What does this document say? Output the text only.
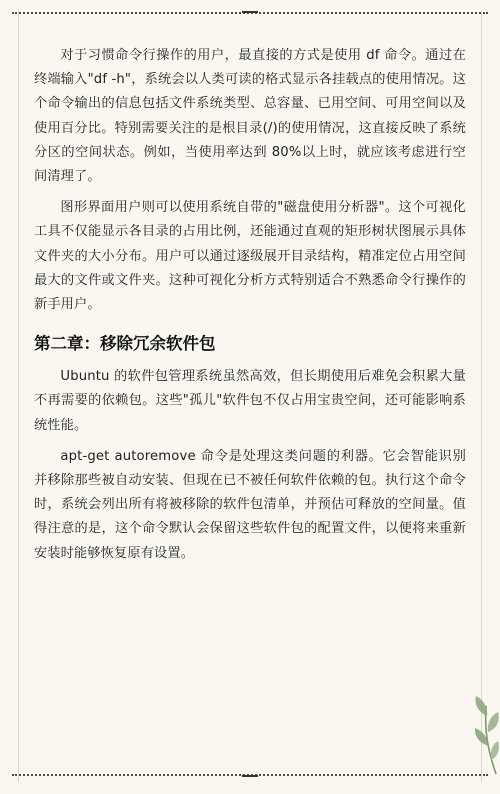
对于习惯命令行操作的用户，最直接的方式是使用 df 命令。通过在终端输入"df -h"，系统会以人类可读的格式显示各挂载点的使用情况。这个命令输出的信息包括文件系统类型、总容量、已用空间、可用空间以及使用百分比。特别需要关注的是根目录(/)的使用情况，这直接反映了系统分区的空间状态。例如，当使用率达到 80%以上时，就应该考虑进行空间清理了。

图形界面用户则可以使用系统自带的"磁盘使用分析器"。这个可视化工具不仅能显示各目录的占用比例，还能通过直观的矩形树状图展示具体文件夹的大小分布。用户可以通过逐级展开目录结构，精准定位占用空间最大的文件或文件夹。这种可视化分析方式特别适合不熟悉命令行操作的新手用户。

第二章：移除冗余软件包

Ubuntu 的软件包管理系统虽然高效，但长期使用后难免会积累大量不再需要的依赖包。这些"孤儿"软件包不仅占用宝贵空间，还可能影响系统性能。

apt-get autoremove 命令是处理这类问题的利器。它会智能识别并移除那些被自动安装、但现在已不被任何软件依赖的包。执行这个命令时，系统会列出所有将被移除的软件包清单，并预估可释放的空间量。值得注意的是，这个命令默认会保留这些软件包的配置文件，以便将来重新安装时能够恢复原有设置。
